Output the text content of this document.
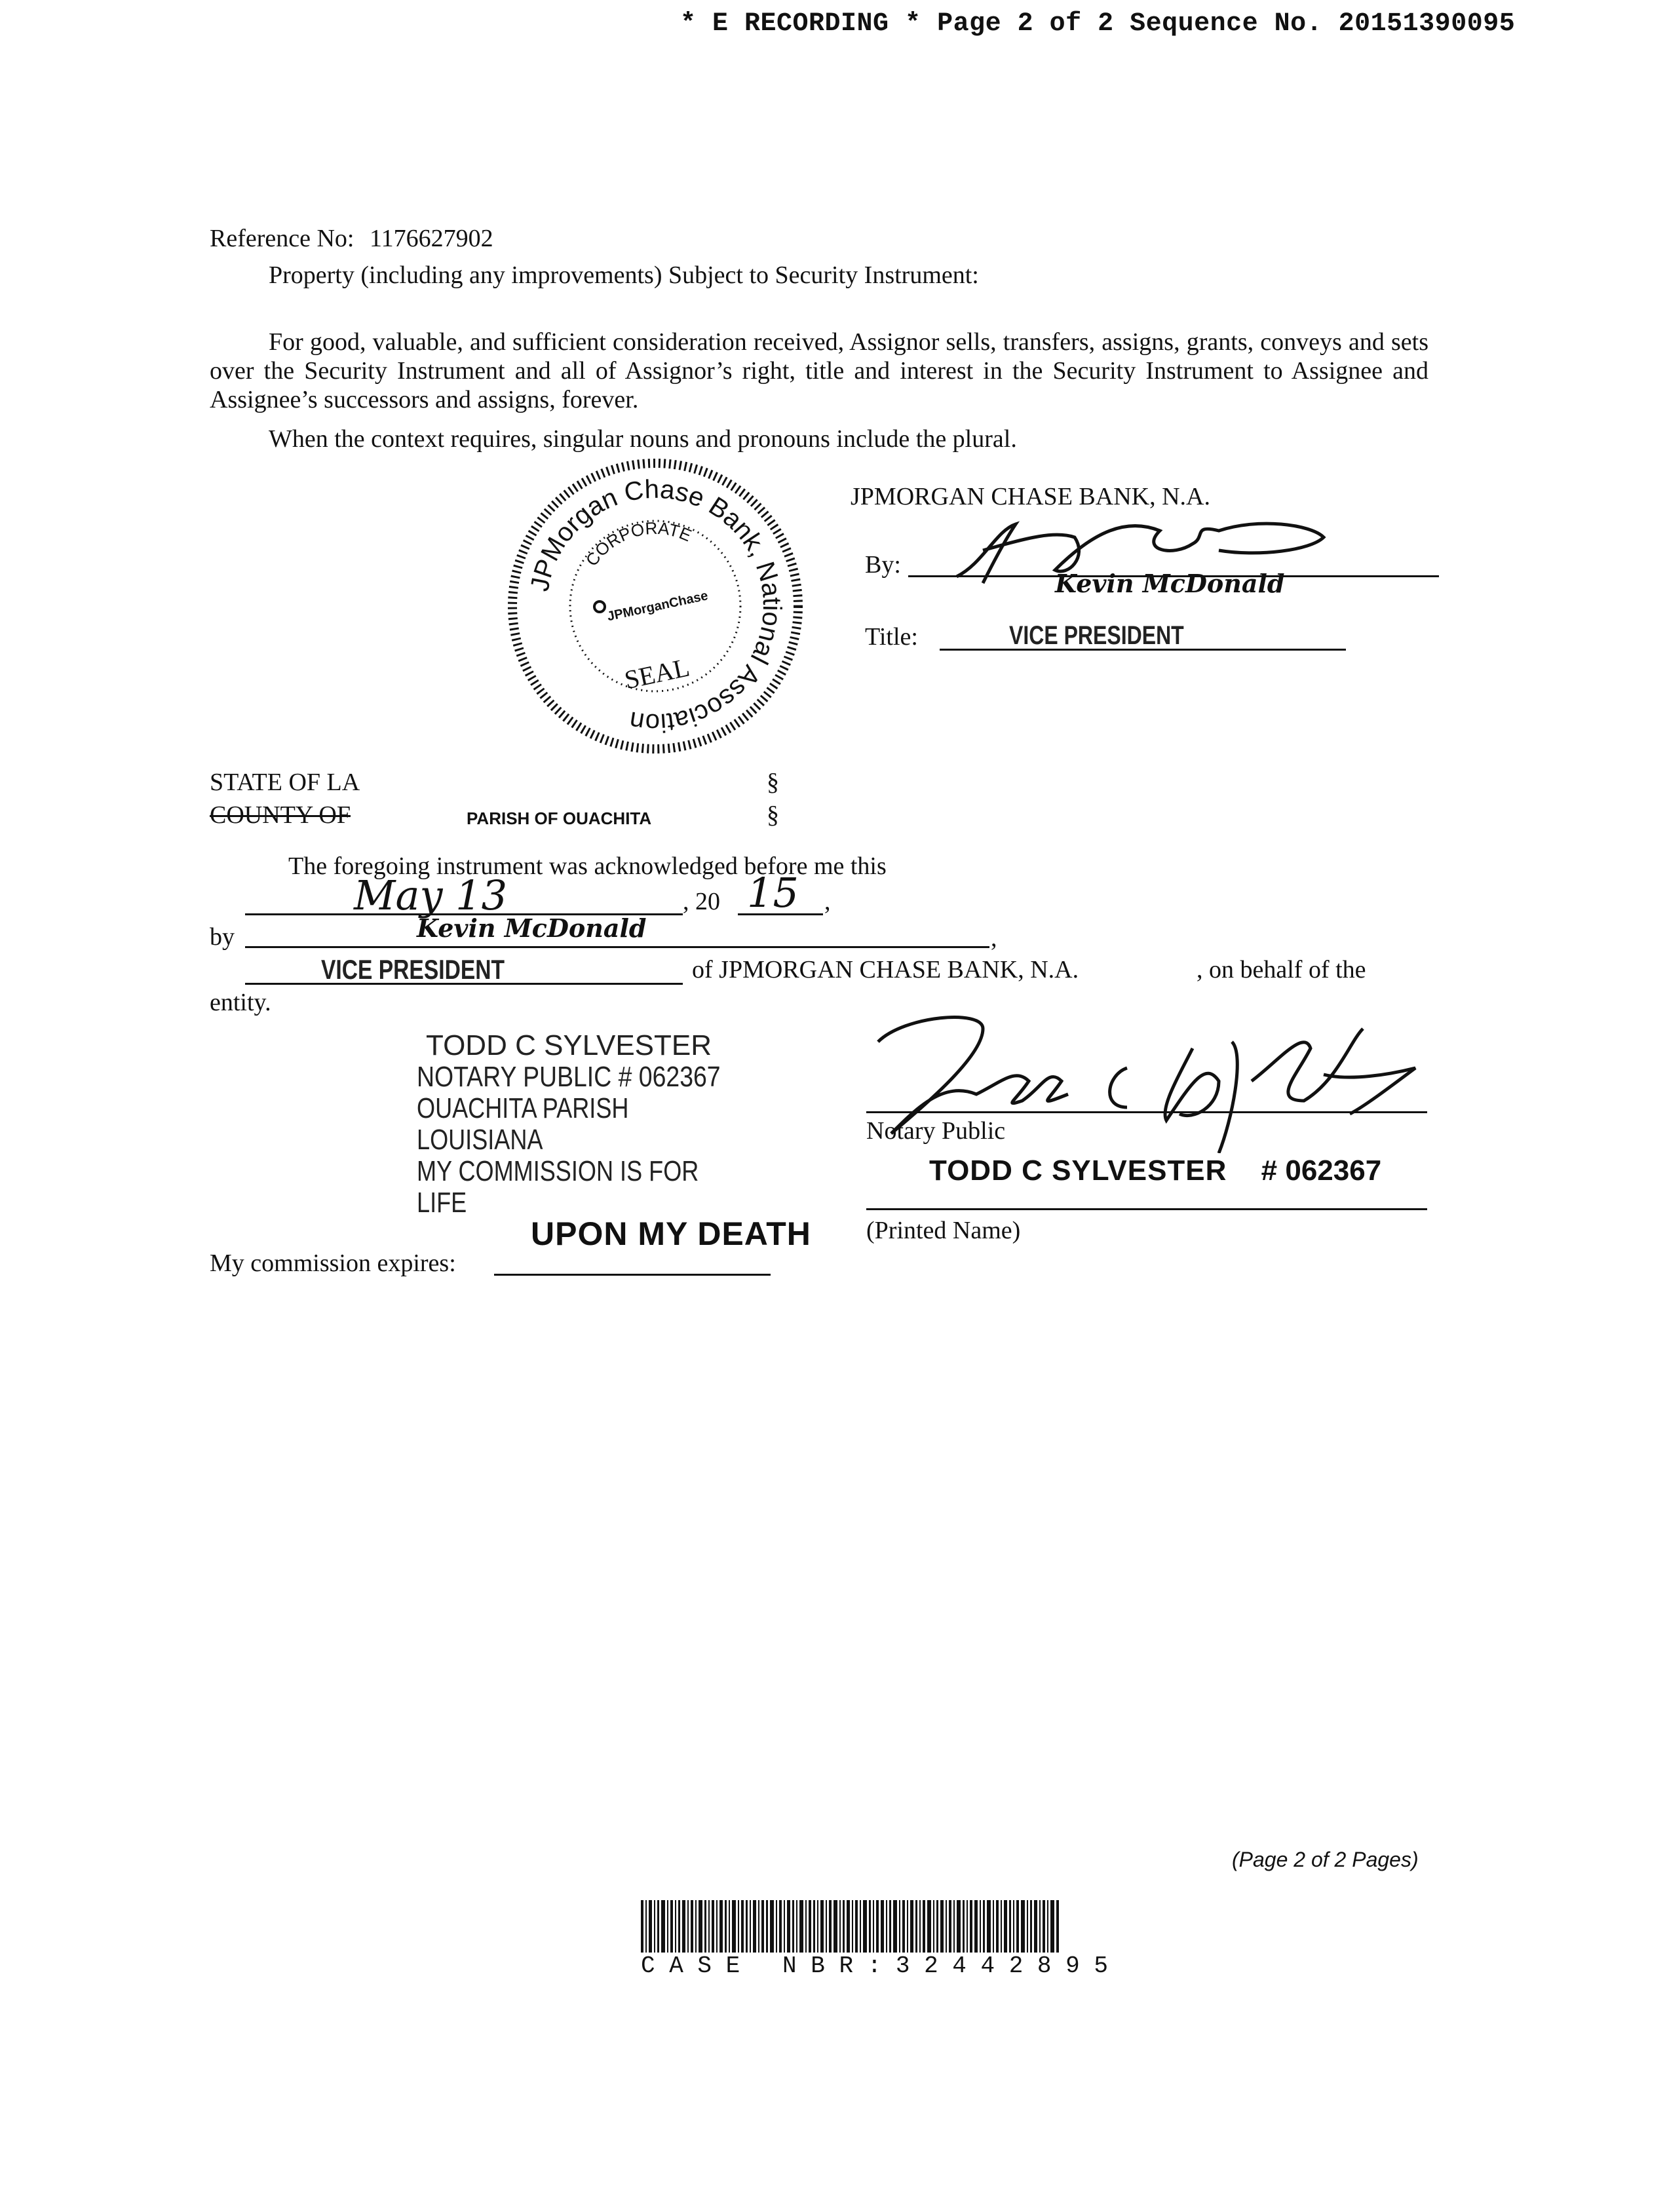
* E RECORDING * Page 2 of 2 Sequence No. 20151390095
Reference No: 1176627902
Property (including any improvements) Subject to Security Instrument:
For good, valuable, and sufficient consideration received, Assignor sells, transfers, assigns, grants, conveys and sets over the Security Instrument and all of Assignor’s right, title and interest in the Security Instrument to Assignee and Assignee’s successors and assigns, forever.
When the context requires, singular nouns and pronouns include the plural.
JPMorgan Chase Bank, National Association
CORPORATE
JPMorganChase
SEAL
JPMORGAN CHASE BANK, N.A.
By:
Kevin McDonald
Title:	VICE PRESIDENT
STATE OF LA
COUNTY OF	PARISH OF OUACHITA
§
§
The foregoing instrument was acknowledged before me this
May 13	, 20 15 ,
by	Kevin McDonald	,
VICE PRESIDENT	of JPMORGAN CHASE BANK, N.A.	, on behalf of the
entity.
TODD C SYLVESTER
NOTARY PUBLIC # 062367
OUACHITA PARISH LOUISIANA
MY COMMISSION IS FOR LIFE
Notary Public
TODD C SYLVESTER # 062367
(Printed Name)
UPON MY DEATH
My commission expires:
(Page 2 of 2 Pages)
C A S E   N B R : 3 2 4 4 2 8 9 5
